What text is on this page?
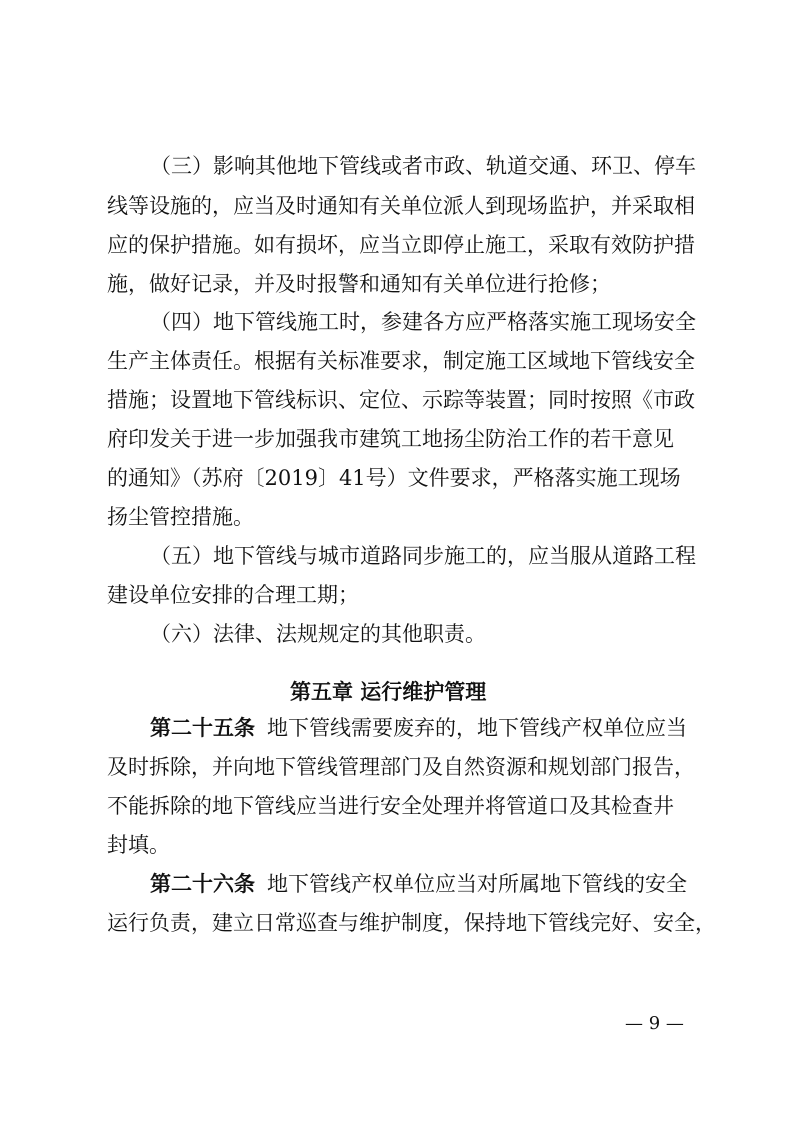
（三）影响其他地下管线或者市政、轨道交通、环卫、停车
线等设施的，应当及时通知有关单位派人到现场监护，并采取相
应的保护措施。如有损坏，应当立即停止施工，采取有效防护措
施，做好记录，并及时报警和通知有关单位进行抢修；
（四）地下管线施工时，参建各方应严格落实施工现场安全
生产主体责任。根据有关标准要求，制定施工区域地下管线安全
措施；设置地下管线标识、定位、示踪等装置；同时按照《市政
府印发关于进一步加强我市建筑工地扬尘防治工作的若干意见
的通知》（苏府〔2019〕41号）文件要求，严格落实施工现场
扬尘管控措施。
（五）地下管线与城市道路同步施工的，应当服从道路工程
建设单位安排的合理工期；
（六）法律、法规规定的其他职责。
第五章 运行维护管理
第二十五条 地下管线需要废弃的，地下管线产权单位应当
及时拆除，并向地下管线管理部门及自然资源和规划部门报告，
不能拆除的地下管线应当进行安全处理并将管道口及其检查井
封填。
第二十六条 地下管线产权单位应当对所属地下管线的安全
运行负责，建立日常巡查与维护制度，保持地下管线完好、安全，
— 9 —
